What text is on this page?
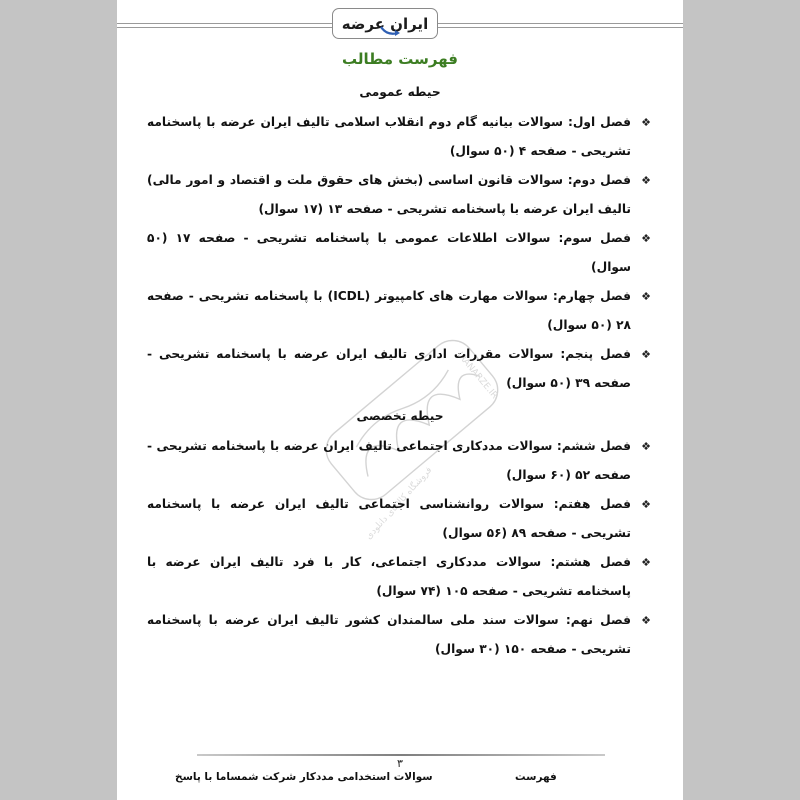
ایران عرضه
فهرست مطالب
IRANARZE.IR
فروشگاه کالاهای دانلودی

حیطه عمومی

❖
فصل اول: سوالات بیانیه گام دوم انقلاب اسلامی تالیف ایران عرضه با پاسخنامه تشریحی - صفحه ۴ (۵۰ سوال)
❖
فصل دوم: سوالات قانون اساسی (بخش های حقوق ملت و اقتصاد و امور مالی) تالیف ایران عرضه با پاسخنامه تشریحی - صفحه ۱۳ (۱۷ سوال)
❖
فصل سوم: سوالات اطلاعات عمومی با پاسخنامه تشریحی - صفحه ۱۷ (۵۰ سوال)
❖
فصل چهارم: سوالات مهارت های کامپیوتر (ICDL) با پاسخنامه تشریحی - صفحه ۲۸ (۵۰ سوال)
❖
فصل پنجم: سوالات مقررات اداری تالیف ایران عرضه با پاسخنامه تشریحی - صفحه ۳۹ (۵۰ سوال)

حیطه تخصصی

❖
فصل ششم: سوالات مددکاری اجتماعی تالیف ایران عرضه با پاسخنامه تشریحی - صفحه ۵۲ (۶۰ سوال)
❖
فصل هفتم: سوالات روانشناسی اجتماعی تالیف ایران عرضه با پاسخنامه تشریحی - صفحه ۸۹ (۵۶ سوال)
❖
فصل هشتم: سوالات مددکاری اجتماعی، کار با فرد تالیف ایران عرضه با پاسخنامه تشریحی - صفحه ۱۰۵ (۷۴ سوال)
❖
فصل نهم: سوالات سند ملی سالمندان کشور تالیف ایران عرضه با پاسخنامه تشریحی - صفحه ۱۵۰ (۳۰ سوال)
۳
سوالات استخدامی مددکار شرکت شمساما با پاسخ	فهرست
